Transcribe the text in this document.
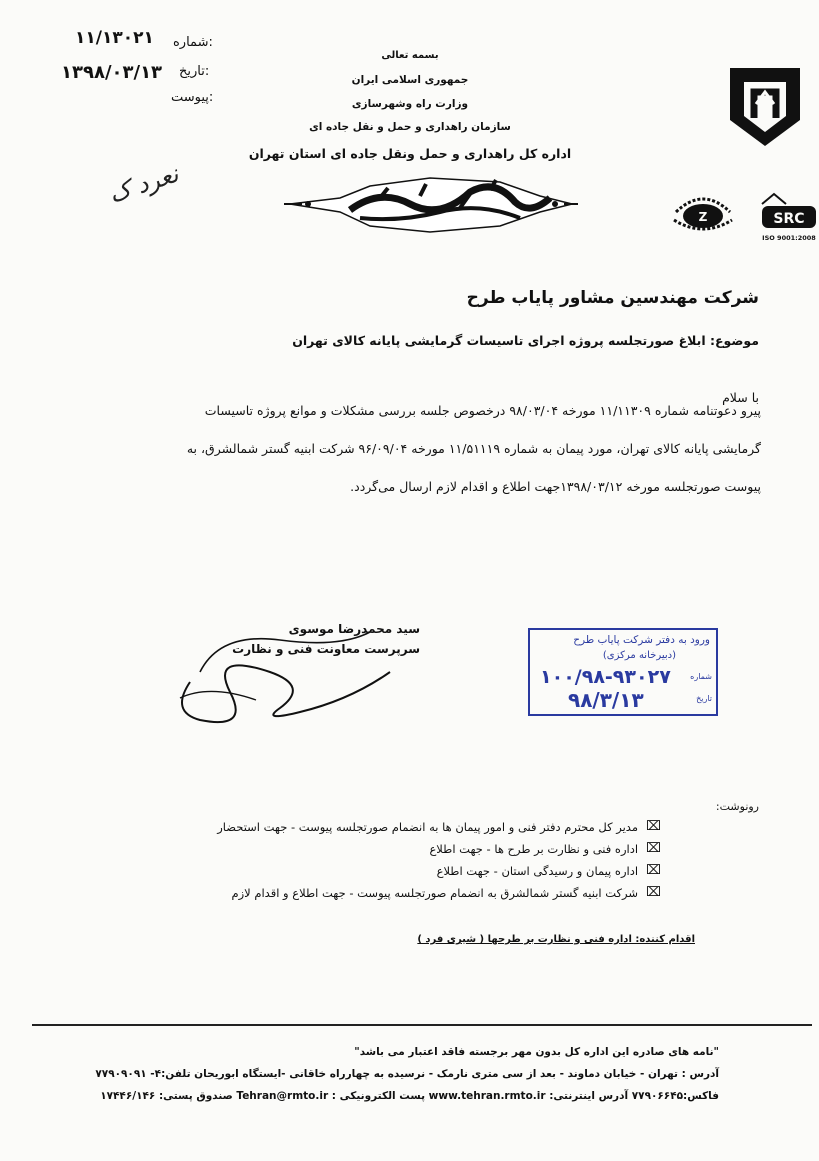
شماره:
۱۱/۱۳۰۲۱
تاریخ:
۱۳۹۸/۰۳/۱۳
پیوست:
نعرد ک
بسمه تعالی
جمهوری اسلامی ایران
وزارت راه وشهرسازی
سازمان راهداری و حمل و نقل جاده ای
اداره کل راهداری و حمل ونقل جاده ای استان تهران
SRC
ISO 9001:2008
Z
شرکت مهندسین مشاور پایاب طرح
موضوع: ابلاغ صورتجلسه پروژه اجرای تاسیسات گرمایشی پایانه کالای تهران
با سلام
پیرو دعوتنامه شماره ۱۱/۱۱۳۰۹ مورخه ۹۸/۰۳/۰۴ درخصوص جلسه بررسی مشکلات و موانع پروژه تاسیسات
گرمایشی پایانه کالای تهران، مورد پیمان به شماره ۱۱/۵۱۱۱۹ مورخه ۹۶/۰۹/۰۴ شرکت ابنیه گستر شمالشرق، به
پیوست صورتجلسه مورخه ۱۳۹۸/۰۳/۱۲جهت اطلاع و اقدام لازم ارسال می‌گردد.
سید محمدرضا موسوی
سرپرست معاونت فنی و نظارت
ورود به دفتر شرکت پایاب طرح
(دبیرخانه مرکزی)
شماره
۱۰۰/۹۸-۹۳۰۲۷
تاریخ
۹۸/۳/۱۳
رونوشت:
⌧
مدیر کل محترم دفتر فنی و امور پیمان ها به انضمام صورتجلسه پیوست - جهت استحضار
⌧
اداره فنی و نظارت بر طرح ها - جهت اطلاع
⌧
اداره پیمان و رسیدگی استان - جهت اطلاع
⌧
شرکت ابنیه گستر شمالشرق به انضمام صورتجلسه پیوست - جهت اطلاع و اقدام لازم
اقدام کننده: اداره فنی و نظارت بر طرحها ( شیری فرد )
"نامه های صادره این اداره کل بدون مهر برجسته فاقد اعتبار می باشد"
آدرس : تهران - خیابان دماوند - بعد از سی متری نارمک - نرسیده به چهارراه خاقانی -ایستگاه ابوریحان تلفن:۴- ۷۷۹۰۹۰۹۱
فاکس:۷۷۹۰۶۶۴۵ آدرس اینترنتی: www.tehran.rmto.ir پست الکترونیکی : Tehran@rmto.ir صندوق پستی: ۱۷۴۴۶/۱۴۶
